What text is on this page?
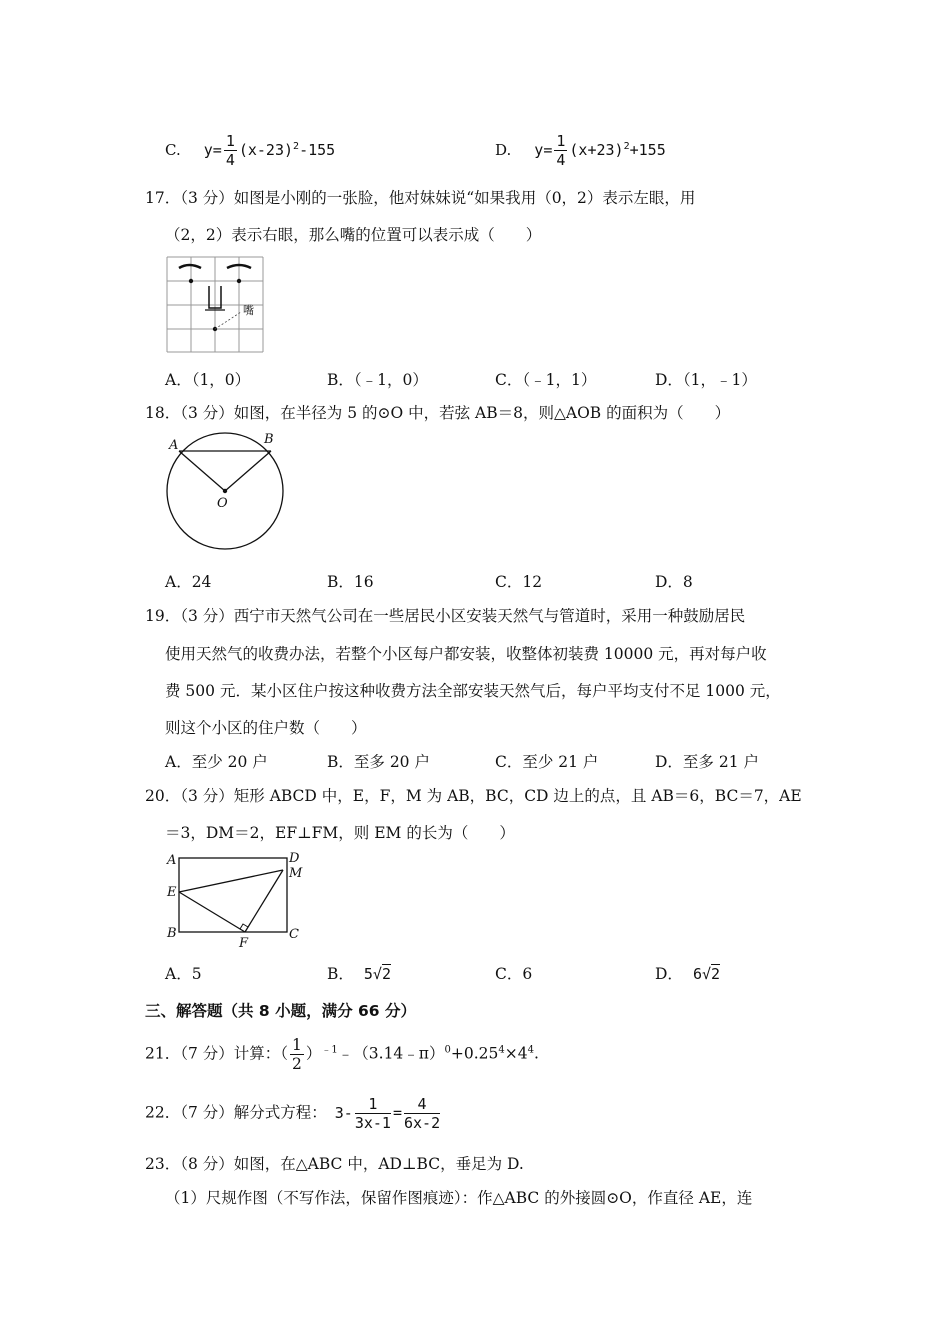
C. $y= \frac{1}{4} (x-23)^2-155$	D. $y= \frac{1}{4} (x+23)^2+155$
17．（3 分）如图是小刚的一张脸，他对妹妹说“如果我用（0，2）表示左眼，用
（2，2）表示右眼，那么嘴的位置可以表示成（　　）
嘴
A．（1，0）	B．（﹣1，0）	C．（﹣1，1）	D．（1，﹣1）
18．（3 分）如图，在半径为 5 的⊙O 中，若弦 AB＝8，则△AOB 的面积为（　　）
A	B
O
A．24	B．16	C．12	D．8
19．（3 分）西宁市天然气公司在一些居民小区安装天然气与管道时，采用一种鼓励居民
使用天然气的收费办法，若整个小区每户都安装，收整体初装费 10000 元，再对每户收
费 500 元．某小区住户按这种收费方法全部安装天然气后，每户平均支付不足 1000 元，
则这个小区的住户数（　　）
A．至少 20 户	B．至多 20 户	C．至少 21 户	D．至多 21 户
20．（3 分）矩形 ABCD 中，E，F，M 为 AB，BC，CD 边上的点，且 AB＝6，BC＝7，AE
＝3，DM＝2，EF⊥FM，则 EM 的长为（　　）
A	D
M
E
B
F
C
A．5	B． 5√2	C．6	D． 6√2
三、解答题（共 8 小题，满分 66 分）
21．（7 分）计算：（ $\frac{1}{2}$ ）$^{﹣1}﹣(3.14﹣\pi)^0+0.25^4\times 4^4$.
22．（7 分）解分式方程： $3- \frac{1}{3x-1} = \frac{4}{6x-2}$
23．（8 分）如图，在△ABC 中，AD⊥BC，垂足为 D.
（1）尺规作图（不写作法，保留作图痕迹）：作△ABC 的外接圆⊙O，作直径 AE，连
